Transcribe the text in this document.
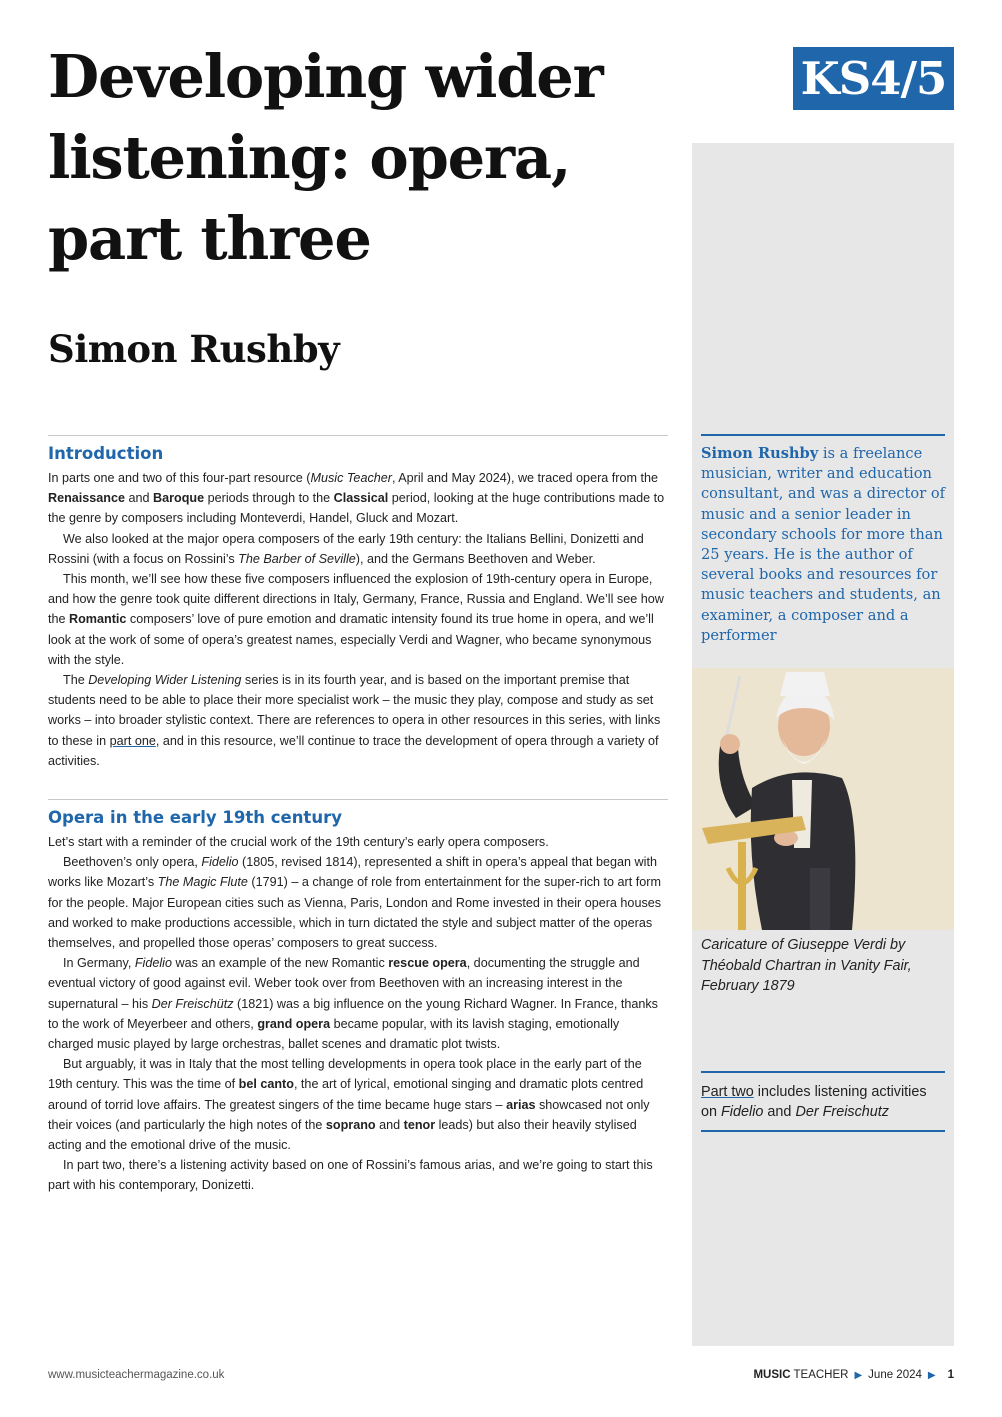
Developing wider
listening: opera,
part three
Simon Rushby
KS4/5
Simon Rushby is a freelance musician, writer and education consultant, and was a director of music and a senior leader in secondary schools for more than 25 years. He is the author of several books and resources for music teachers and students, an examiner, a composer and a performer

Caricature of Giuseppe Verdi by Théobald Chartran in Vanity Fair, February 1879

Part two includes listening activities on Fidelio and Der Freischutz
Introduction

In parts one and two of this four-part resource (Music Teacher, April and May 2024), we traced opera from the Renaissance and Baroque periods through to the Classical period, looking at the huge contributions made to the genre by composers including Monteverdi, Handel, Gluck and Mozart.

We also looked at the major opera composers of the early 19th century: the Italians Bellini, Donizetti and Rossini (with a focus on Rossini’s The Barber of Seville), and the Germans Beethoven and Weber.

This month, we’ll see how these five composers influenced the explosion of 19th-century opera in Europe, and how the genre took quite different directions in Italy, Germany, France, Russia and England. We’ll see how the Romantic composers’ love of pure emotion and dramatic intensity found its true home in opera, and we’ll look at the work of some of opera’s greatest names, especially Verdi and Wagner, who became synonymous with the style.

The Developing Wider Listening series is in its fourth year, and is based on the important premise that students need to be able to place their more specialist work – the music they play, compose and study as set works – into broader stylistic context. There are references to opera in other resources in this series, with links to these in part one, and in this resource, we’ll continue to trace the development of opera through a variety of activities.

Opera in the early 19th century

Let’s start with a reminder of the crucial work of the 19th century’s early opera composers.

Beethoven’s only opera, Fidelio (1805, revised 1814), represented a shift in opera’s appeal that began with works like Mozart’s The Magic Flute (1791) – a change of role from entertainment for the super-rich to art form for the people. Major European cities such as Vienna, Paris, London and Rome invested in their opera houses and worked to make productions accessible, which in turn dictated the style and subject matter of the operas themselves, and propelled those operas’ composers to great success.

In Germany, Fidelio was an example of the new Romantic rescue opera, documenting the struggle and eventual victory of good against evil. Weber took over from Beethoven with an increasing interest in the supernatural – his Der Freischütz (1821) was a big influence on the young Richard Wagner. In France, thanks to the work of Meyerbeer and others, grand opera became popular, with its lavish staging, emotionally charged music played by large orchestras, ballet scenes and dramatic plot twists.

But arguably, it was in Italy that the most telling developments in opera took place in the early part of the 19th century. This was the time of bel canto, the art of lyrical, emotional singing and dramatic plots centred around of torrid love affairs. The greatest singers of the time became huge stars – arias showcased not only their voices (and particularly the high notes of the soprano and tenor leads) but also their heavily stylised acting and the emotional drive of the music.

In part two, there’s a listening activity based on one of Rossini’s famous arias, and we’re going to start this part with his contemporary, Donizetti.

www.musicteachermagazine.co.uk	MUSIC TEACHER ▶ June 2024 ▶ 1
